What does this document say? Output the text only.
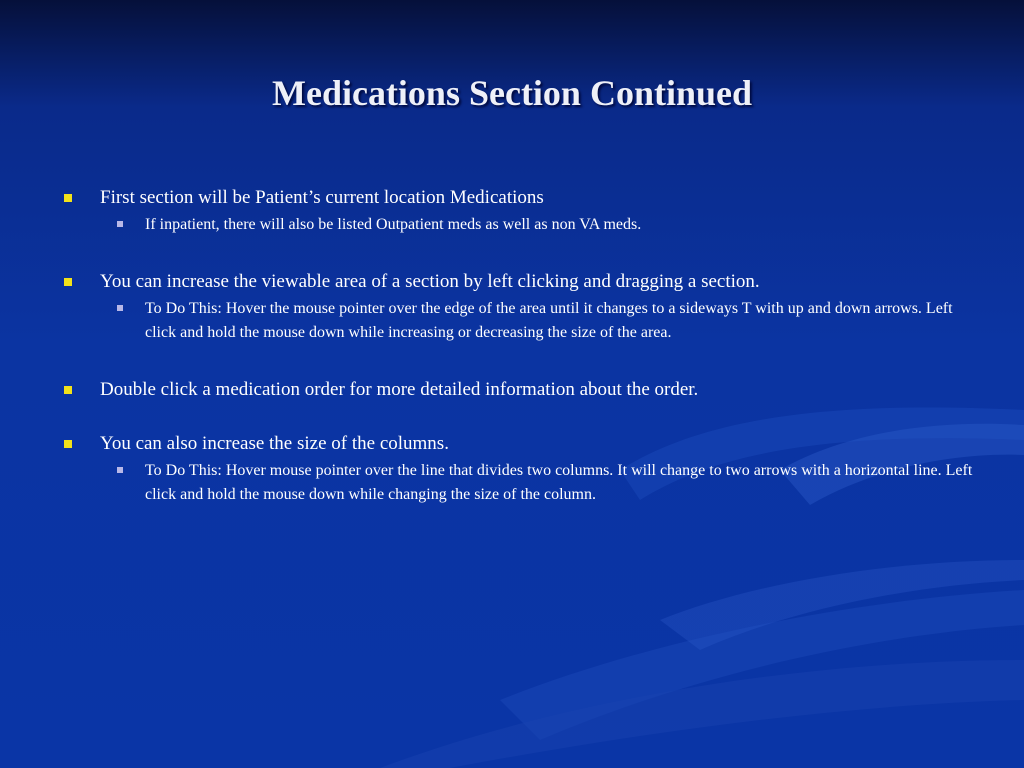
Medications Section Continued
First section will be Patient’s current location Medications
If inpatient, there will also be listed Outpatient meds as well as non VA meds.
You can increase the viewable area of a section by left clicking and dragging a section.
To Do This: Hover the mouse pointer over the edge of the area until it changes to a sideways T with up and down arrows. Left click and hold the mouse down while increasing or decreasing the size of the area.
Double click a medication order for more detailed information about the order.
You can also increase the size of the columns.
To Do This: Hover mouse pointer over the line that divides two columns. It will change to two arrows with a horizontal line. Left click and hold the mouse down while changing the size of the column.
